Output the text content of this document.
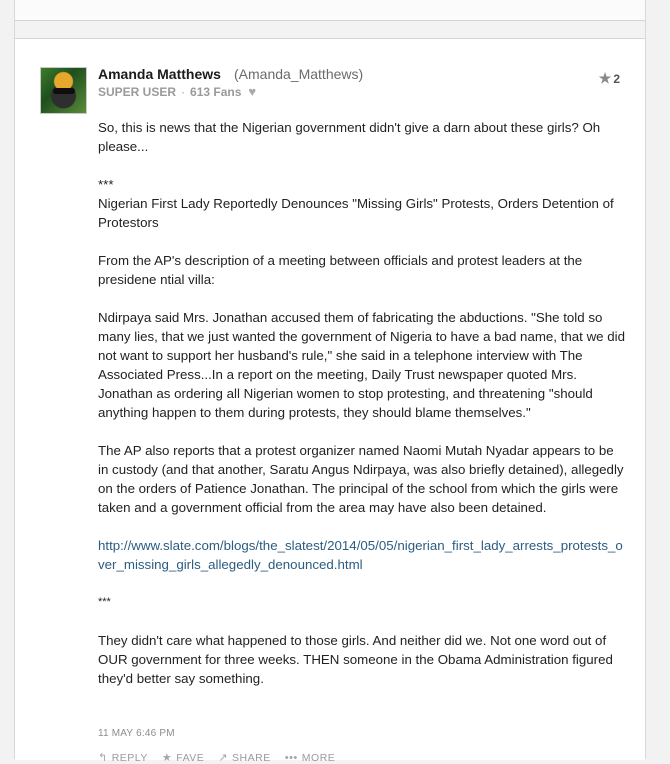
Amanda Matthews (Amanda_Matthews)
SUPER USER · 613 Fans ♥
★ 2

So, this is news that the Nigerian government didn't give a darn about these girls? Oh please...

***
Nigerian First Lady Reportedly Denounces "Missing Girls" Protests, Orders Detention of Protestors

From the AP's description of a meeting between officials and protest leaders at the presidene ntial villa:

Ndirpaya said Mrs. Jonathan accused them of fabricating the abductions. "She told so many lies, that we just wanted the government of Nigeria to have a bad name, that we did not want to support her husband's rule," she said in a telephone interview with The Associated Press...In a report on the meeting, Daily Trust newspaper quoted Mrs. Jonathan as ordering all Nigerian women to stop protesting, and threatening "should anything happen to them during protests, they should blame themselves."

The AP also reports that a protest organizer named Naomi Mutah Nyadar appears to be in custody (and that another, Saratu Angus Ndirpaya, was also briefly detained), allegedly on the orders of Patience Jonathan. The principal of the school from which the girls were taken and a government official from the area may have also been detained.

http://www.slate.com/blogs/the_slatest/2014/05/05/nigerian_first_lady_arrests_protests_over_missing_girls_allegedly_denounced.html

***

They didn't care what happened to those girls. And neither did we. Not one word out of OUR government for three weeks. THEN someone in the Obama Administration figured they'd better say something.

11 MAY 6:46 PM
↰ REPLY ★ FAVE ↗ SHARE ••• MORE
